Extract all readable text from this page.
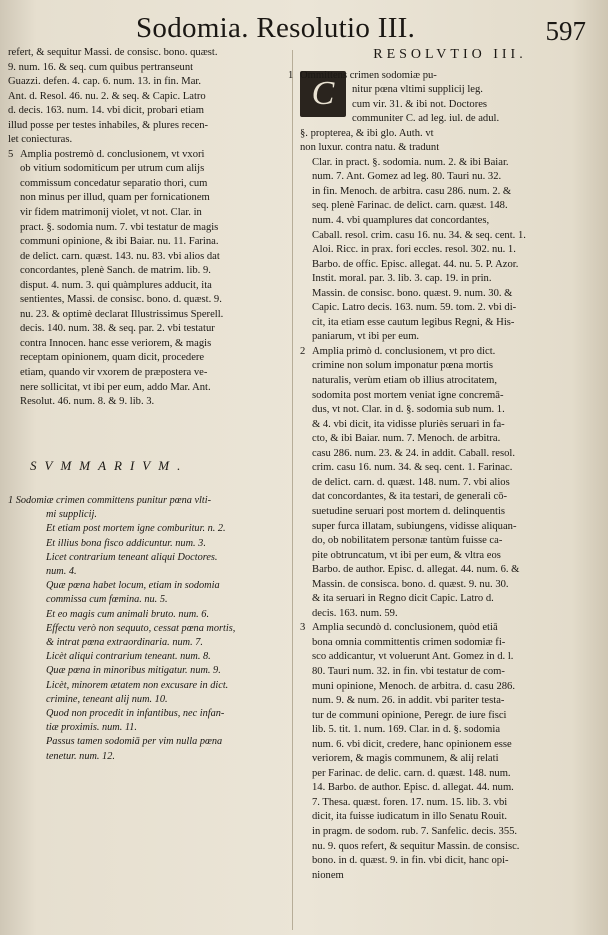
Sodomia. Resolutio III.	597
refert, & sequitur Massi. de consisc. bono. quæst.
9. num. 16. & seq. cum quibus pertranseunt
Guazzi. defen. 4. cap. 6. num. 13. in fin. Mar.
Ant. d. Resol. 46. nu. 2. & seq. & Capic. Latro
d. decis. 163. num. 14. vbi dicit, probari etiam
illud posse per testes inhabiles, & plures recen-
let coniecturas.
5 Amplia postremò d. conclusionem, vt vxori
ob vitium sodomiticum per utrum cum alijs
commissum concedatur separatio thori, cum
non minus per illud, quam per fornicationem
vir fidem matrimonij violet, vt not. Clar. in
pract. §. sodomia num. 7. vbi testatur de magis
communi opinione, & ibi Baiar. nu. 11. Farina.
de delict. carn. quæst. 143. nu. 83. vbi alios dat
concordantes, plenè Sanch. de matrim. lib. 9.
disput. 4. num. 3. qui quàmplures adducit, ita
sentientes, Massi. de consisc. bono. d. quæst. 9.
nu. 23. & optimè declarat Illustrissimus Sperell.
decis. 140. num. 38. & seq. par. 2. vbi testatur
contra Innocen. hanc esse veriorem, & magis
receptam opinionem, quam dicit, procedere
etiam, quando vir vxorem de præpostera ve-
nere sollicitat, vt ibi per eum, addo Mar. Ant.
Resolut. 46. num. 8. & 9. lib. 3.
SVMMARIVM.
1 Sodomiæ crimen committens punitur pœna vlti-
mi supplicij.
Et etiam post mortem igne comburitur. n. 2.
Et illius bona fisco addicuntur. num. 3.
Licet contrarium teneant aliqui Doctores.
num. 4.
Quæ pœna habet locum, etiam in sodomia
commissa cum fœmina. nu. 5.
Et eo magis cum animali bruto. num. 6.
Effectu verò non sequuto, cessat pœna mortis,
& intrat pœna extraordinaria. num. 7.
Licèt aliqui contrarium teneant. num. 8.
Quæ pœna in minoribus mitigatur. num. 9.
Licèt, minorem ætatem non excusare in dict.
crimine, teneant alij num. 10.
Quod non procedit in infantibus, nec infan-
tiæ proximis. num. 11.
Passus tamen sodomiā per vim nulla pœna
tenetur. num. 12.
RESOLVTIO III.
C
1 Ommittens crimen sodomiæ pu-
nitur pœna vltimi supplicij leg.
cum vir. 31. & ibi not. Doctores
communiter C. ad leg. iul. de adul.
§. propterea, & ibi glo. Auth. vt
non luxur. contra natu. & tradunt
Clar. in pract. §. sodomia. num. 2. & ibi Baiar.
num. 7. Ant. Gomez ad leg. 80. Tauri nu. 32.
in fin. Menoch. de arbitra. casu 286. num. 2. &
seq. plenè Farinac. de delict. carn. quæst. 148.
num. 4. vbi quamplures dat concordantes,
Caball. resol. crim. casu 16. nu. 34. & seq. cent. 1.
Aloi. Ricc. in prax. fori eccles. resol. 302. nu. 1.
Barbo. de offic. Episc. allegat. 44. nu. 5. P. Azor.
Instit. moral. par. 3. lib. 3. cap. 19. in prin.
Massin. de consisc. bono. quæst. 9. num. 30. &
Capic. Latro decis. 163. num. 59. tom. 2. vbi di-
cit, ita etiam esse cautum legibus Regni, & His-
paniarum, vt ibi per eum.
2 Amplia primò d. conclusionem, vt pro dict.
crimine non solum imponatur pœna mortis
naturalis, verùm etiam ob illius atrocitatem,
sodomita post mortem veniat igne concremā-
dus, vt not. Clar. in d. §. sodomia sub num. 1.
& 4. vbi dicit, ita vidisse pluriès seruari in fa-
cto, & ibi Baiar. num. 7. Menoch. de arbitra.
casu 286. num. 23. & 24. in addit. Caball. resol.
crim. casu 16. num. 34. & seq. cent. 1. Farinac.
de delict. carn. d. quæst. 148. num. 7. vbi alios
dat concordantes, & ita testari, de generali cō-
suetudine seruari post mortem d. delinquentis
super furca illatam, subiungens, vidisse aliquan-
do, ob nobilitatem personæ tantùm fuisse ca-
pite obtruncatum, vt ibi per eum, & vltra eos
Barbo. de author. Episc. d. allegat. 44. num. 6. &
Massin. de consisca. bono. d. quæst. 9. nu. 30.
& ita seruari in Regno dicit Capic. Latro d.
decis. 163. num. 59.
3 Amplia secundò d. conclusionem, quòd etiā
bona omnia committentis crimen sodomiæ fi-
sco addicantur, vt voluerunt Ant. Gomez in d. l.
80. Tauri num. 32. in fin. vbi testatur de com-
muni opinione, Menoch. de arbitra. d. casu 286.
num. 9. & num. 26. in addit. vbi pariter testa-
tur de communi opinione, Peregr. de iure fisci
lib. 5. tit. 1. num. 169. Clar. in d. §. sodomia
num. 6. vbi dicit, credere, hanc opinionem esse
veriorem, & magis communem, & alij relati
per Farinac. de delic. carn. d. quæst. 148. num.
14. Barbo. de author. Episc. d. allegat. 44. num.
7. Thesa. quæst. foren. 17. num. 15. lib. 3. vbi
dicit, ita fuisse iudicatum in illo Senatu Rouit.
in pragm. de sodom. rub. 7. Sanfelic. decis. 355.
nu. 9. quos refert, & sequitur Massin. de consisc.
bono. in d. quæst. 9. in fin. vbi dicit, hanc opi-
nionem
